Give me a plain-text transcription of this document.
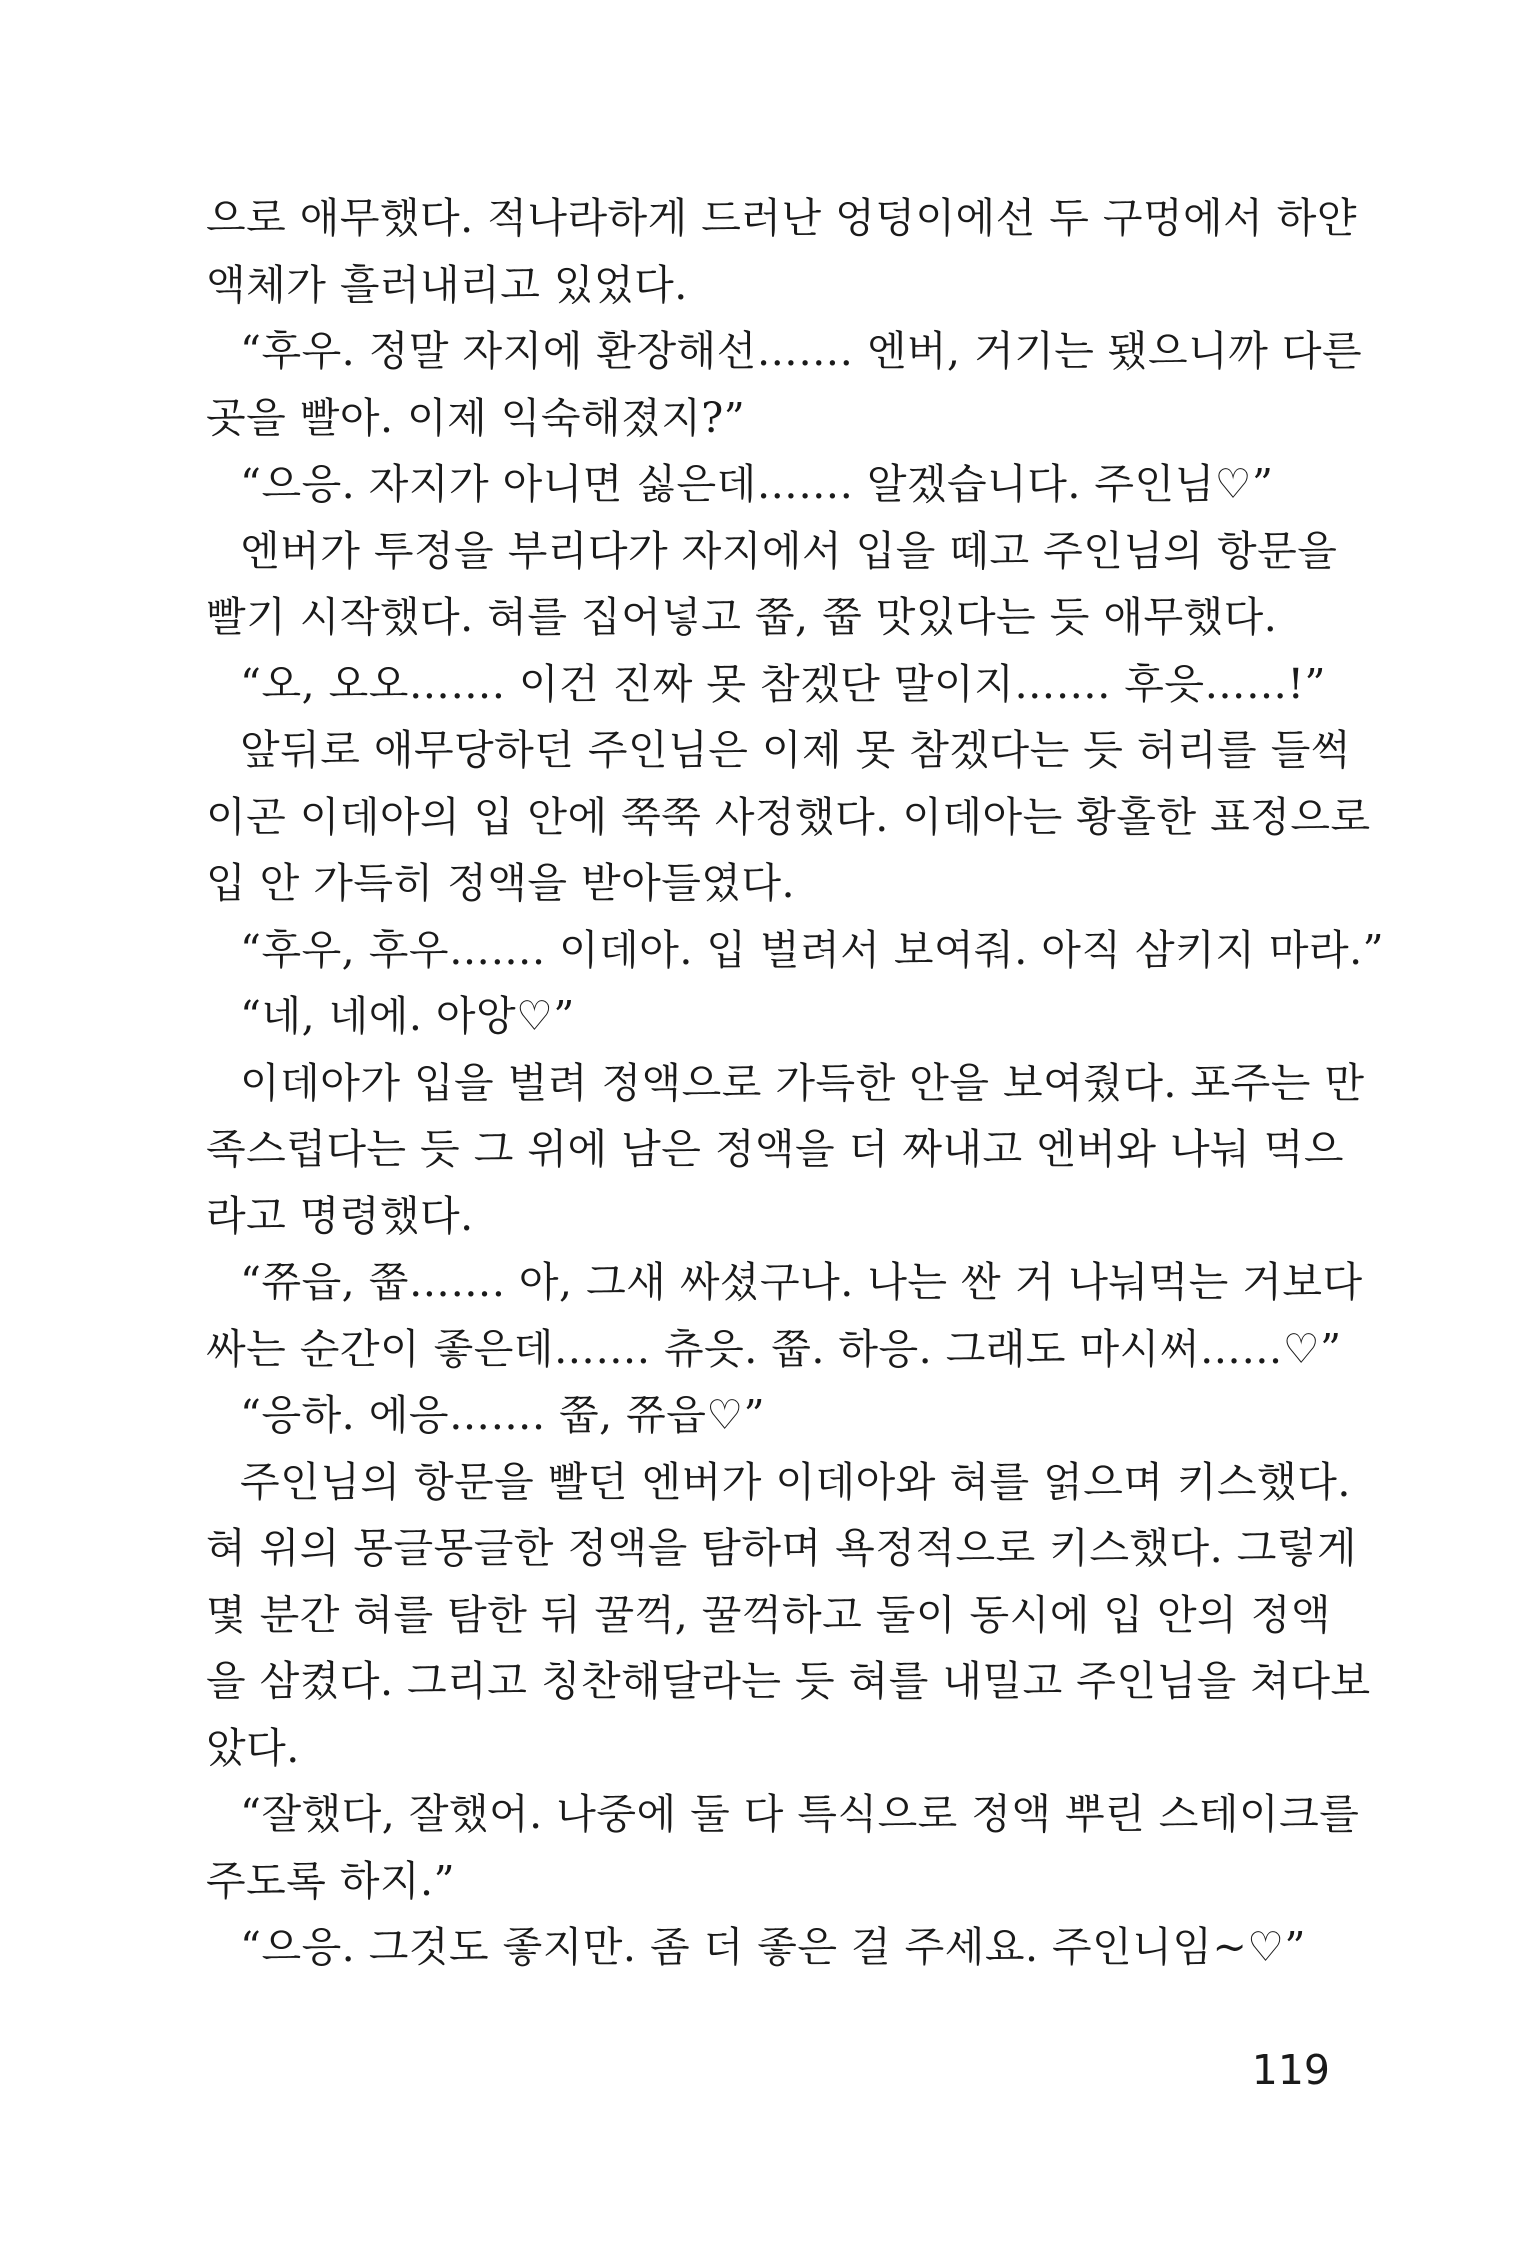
으로 애무했다. 적나라하게 드러난 엉덩이에선 두 구멍에서 하얀
액체가 흘러내리고 있었다.
“후우. 정말 자지에 환장해선……. 엔버, 거기는 됐으니까 다른
곳을 빨아. 이제 익숙해졌지?”
“으응. 자지가 아니면 싫은데……. 알겠습니다. 주인님♡”
엔버가 투정을 부리다가 자지에서 입을 떼고 주인님의 항문을
빨기 시작했다. 혀를 집어넣고 쭙, 쭙 맛있다는 듯 애무했다.
“오, 오오……. 이건 진짜 못 참겠단 말이지……. 후읏……!”
앞뒤로 애무당하던 주인님은 이제 못 참겠다는 듯 허리를 들썩
이곤 이데아의 입 안에 쭉쭉 사정했다. 이데아는 황홀한 표정으로
입 안 가득히 정액을 받아들였다.
“후우, 후우……. 이데아. 입 벌려서 보여줘. 아직 삼키지 마라.”
“네, 네에. 아앙♡”
이데아가 입을 벌려 정액으로 가득한 안을 보여줬다. 포주는 만
족스럽다는 듯 그 위에 남은 정액을 더 짜내고 엔버와 나눠 먹으
라고 명령했다.
“쮸읍, 쭙……. 아, 그새 싸셨구나. 나는 싼 거 나눠먹는 거보다
싸는 순간이 좋은데……. 츄읏. 쭙. 하응. 그래도 마시써……♡”
“응하. 에응……. 쭙, 쮸읍♡”
주인님의 항문을 빨던 엔버가 이데아와 혀를 얽으며 키스했다.
혀 위의 몽글몽글한 정액을 탐하며 욕정적으로 키스했다. 그렇게
몇 분간 혀를 탐한 뒤 꿀꺽, 꿀꺽하고 둘이 동시에 입 안의 정액
을 삼켰다. 그리고 칭찬해달라는 듯 혀를 내밀고 주인님을 쳐다보
았다.
“잘했다, 잘했어. 나중에 둘 다 특식으로 정액 뿌린 스테이크를
주도록 하지.”
“으응. 그것도 좋지만. 좀 더 좋은 걸 주세요. 주인니임~♡”
119
